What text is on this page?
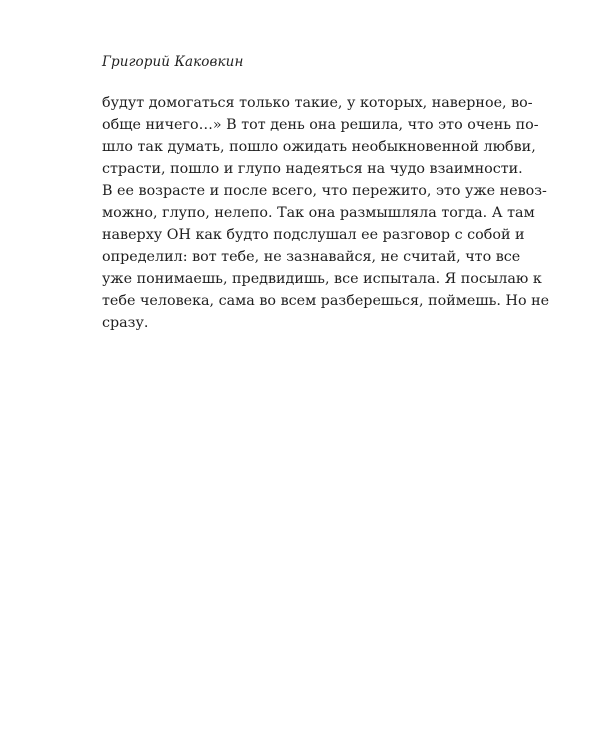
Григорий Каковкин
будут домогаться только такие, у которых, наверное, во-
обще ничего…» В тот день она решила, что это очень по-
шло так думать, пошло ожидать необыкновенной любви,
страсти, пошло и глупо надеяться на чудо взаимности.
В ее возрасте и после всего, что пережито, это уже невоз-
можно, глупо, нелепо. Так она размышляла тогда. А там
наверху ОН как будто подслушал ее разговор с собой и
определил: вот тебе, не зазнавайся, не считай, что все
уже понимаешь, предвидишь, все испытала. Я посылаю к
тебе человека, сама во всем разберешься, поймешь. Но не
сразу.
